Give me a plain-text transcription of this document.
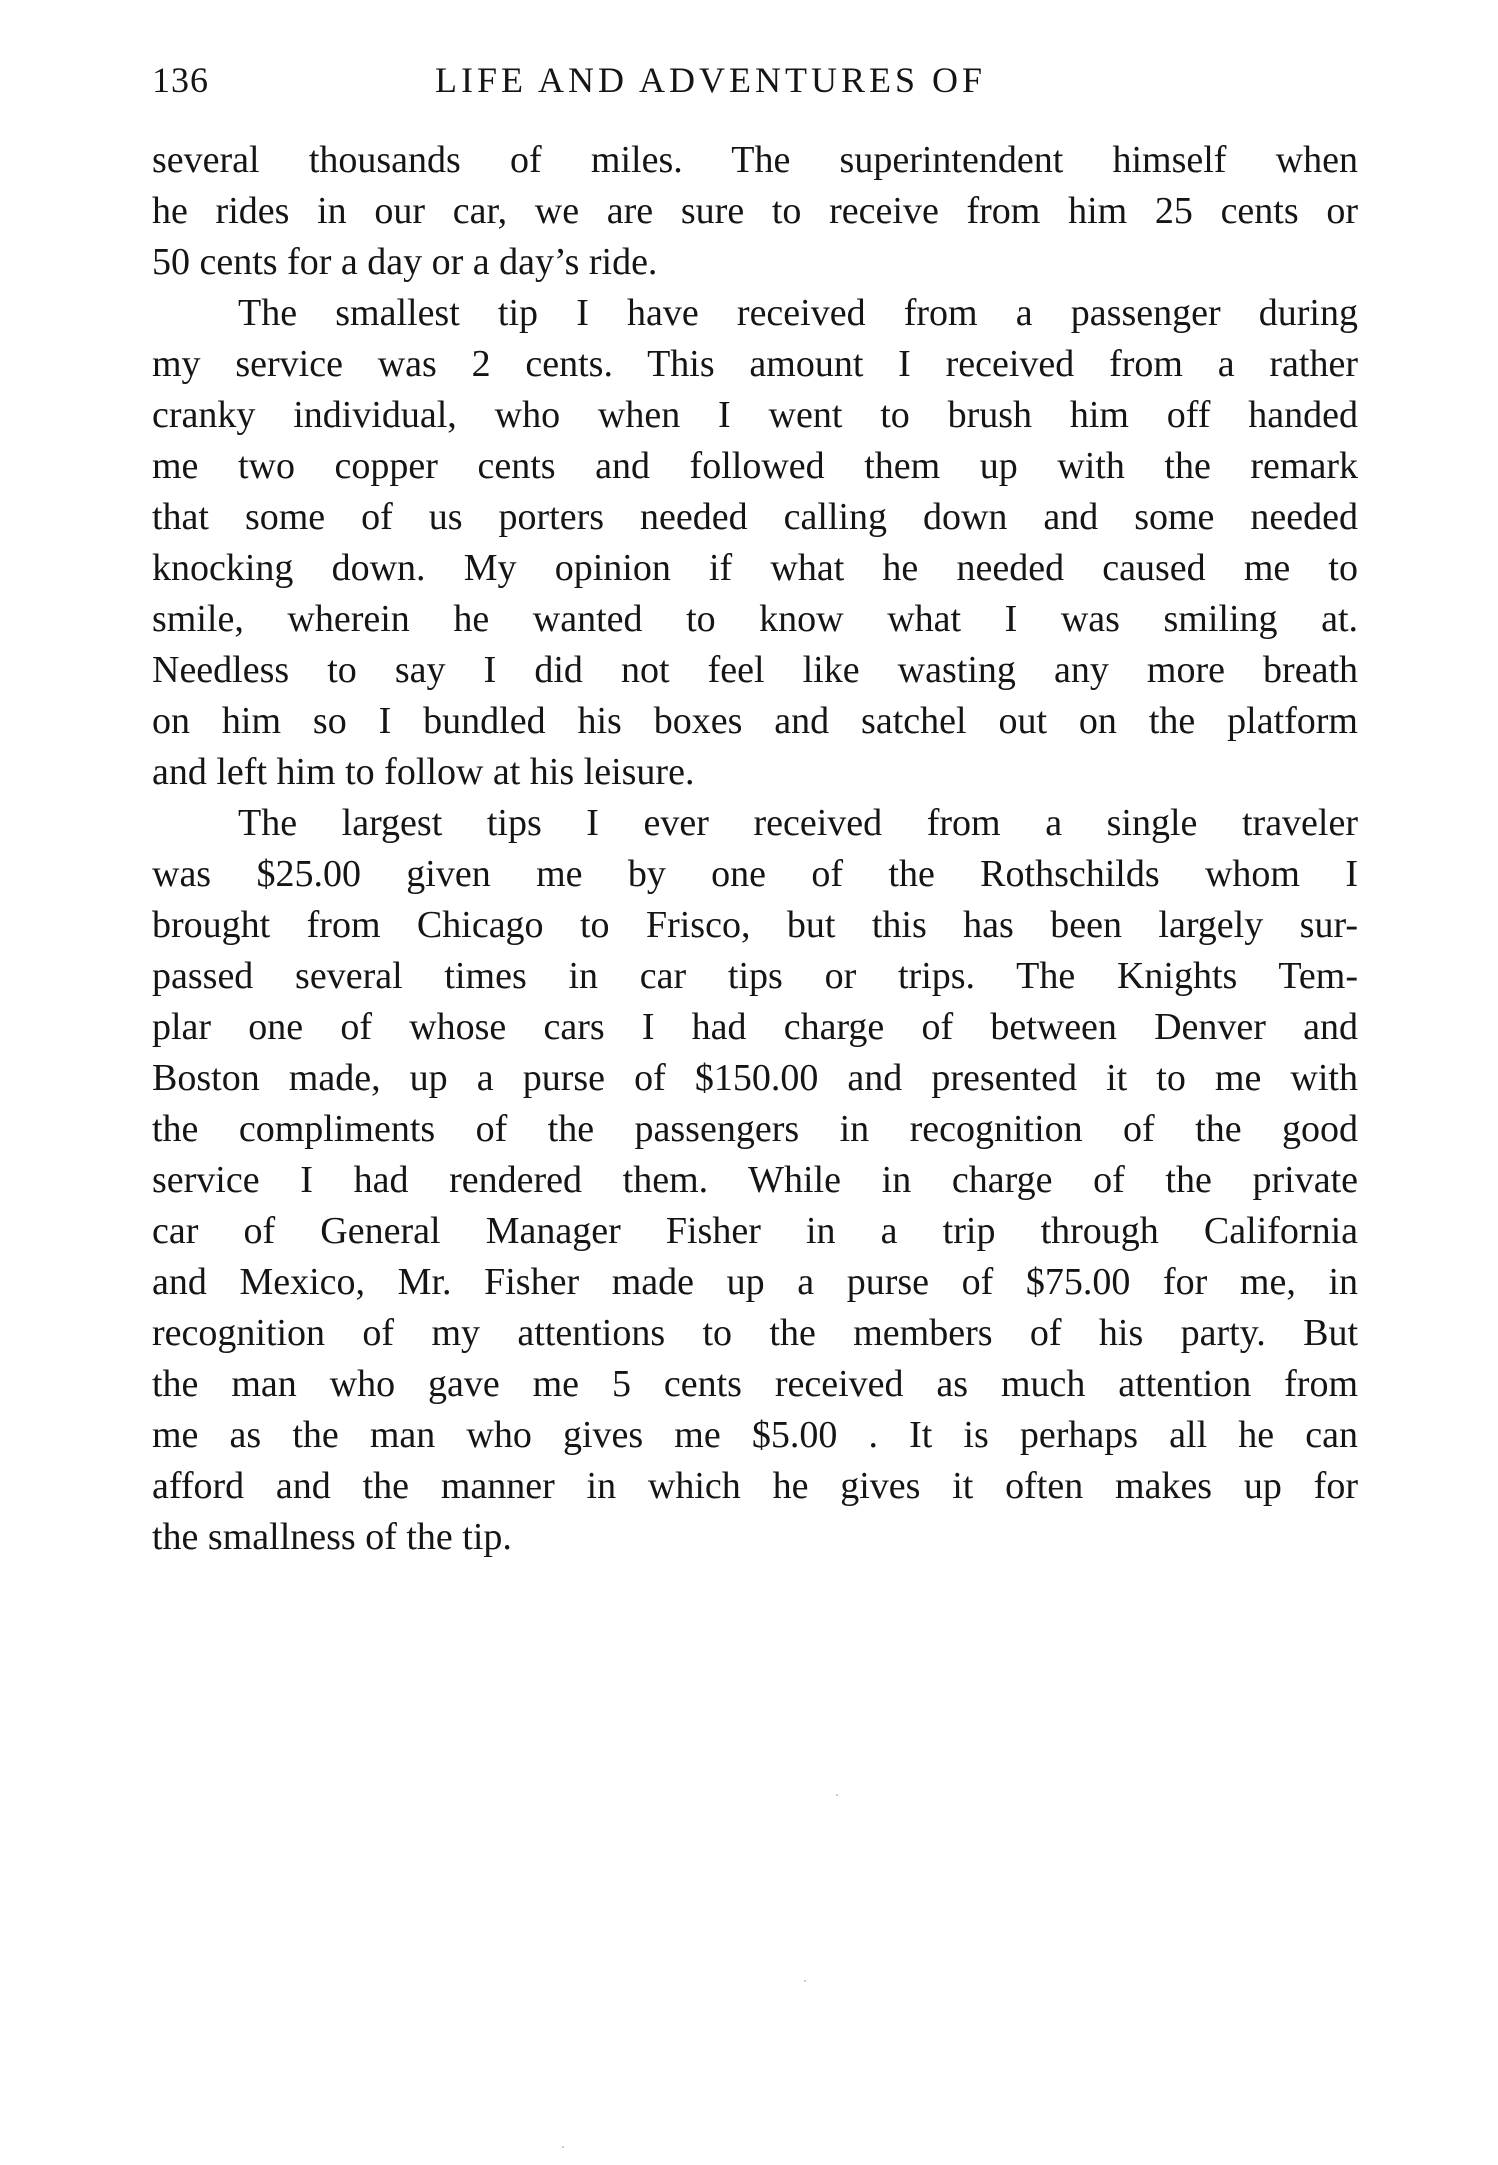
136	LIFE AND ADVENTURES OF
several thousands of miles. The superintendent himself when
he rides in our car, we are sure to receive from him 25 cents or
50 cents for a day or a day’s ride.
The smallest tip I have received from a passenger during
my service was 2 cents. This amount I received from a rather
cranky individual, who when I went to brush him off handed
me two copper cents and followed them up with the remark
that some of us porters needed calling down and some needed
knocking down. My opinion if what he needed caused me to
smile, wherein he wanted to know what I was smiling at.
Needless to say I did not feel like wasting any more breath
on him so I bundled his boxes and satchel out on the platform
and left him to follow at his leisure.
The largest tips I ever received from a single traveler
was $25.00 given me by one of the Rothschilds whom I
brought from Chicago to Frisco, but this has been largely sur-
passed several times in car tips or trips. The Knights Tem-
plar one of whose cars I had charge of between Denver and
Boston made, up a purse of $150.00 and presented it to me with
the compliments of the passengers in recognition of the good
service I had rendered them. While in charge of the private
car of General Manager Fisher in a trip through California
and Mexico, Mr. Fisher made up a purse of $75.00 for me, in
recognition of my attentions to the members of his party. But
the man who gave me 5 cents received as much attention from
me as the man who gives me $5.00 . It is perhaps all he can
afford and the manner in which he gives it often makes up for
the smallness of the tip.
